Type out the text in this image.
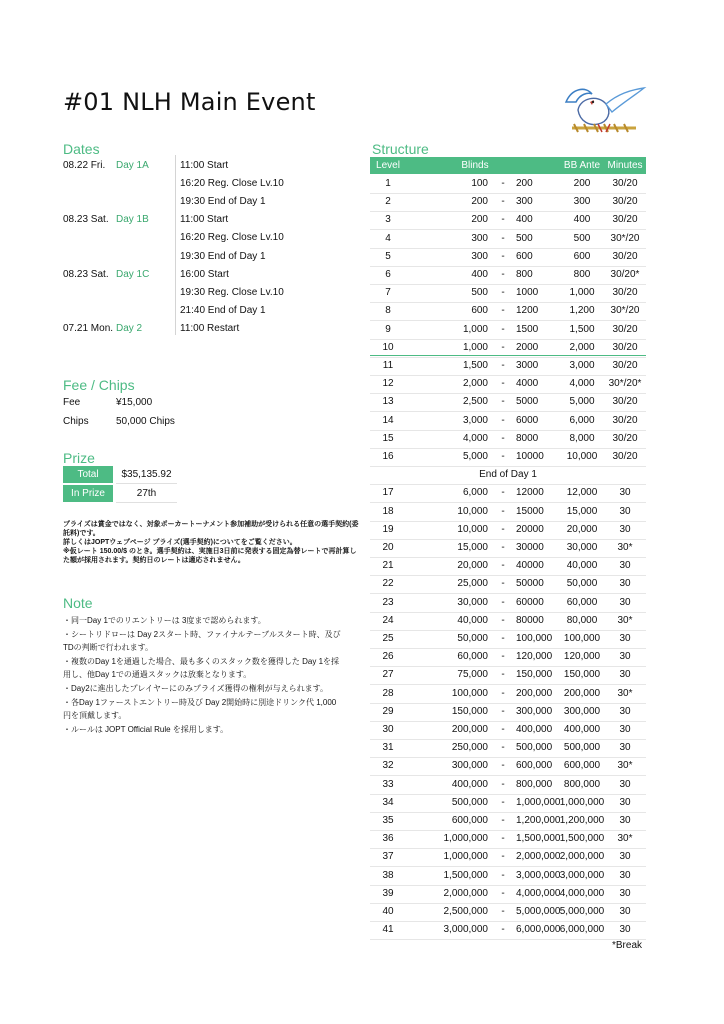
#01 NLH Main Event
Dates	Structure
Fee / Chips
Prize
Note
08.22 Fri. Day 1A	11:00 Start
16:20 Reg. Close Lv.10
19:30 End of Day 1
08.23 Sat. Day 1B	11:00 Start
16:20 Reg. Close Lv.10
19:30 End of Day 1
08.23 Sat. Day 1C	16:00 Start
19:30 Reg. Close Lv.10
21:40 End of Day 1
07.21 Mon. Day 2	11:00 Restart
Fee	¥15,000
Chips	50,000 Chips
Total	$35,135.92
In Prize	27th
プライズは賞金ではなく、対象ポーカートーナメント参加補助が受けられる任意の選手契約(委託料)です。
詳しくはJOPTウェブページ プライズ(選手契約)についてをご覧ください。
※仮レート 150.00/$ のとき。選手契約は、実施日3日前に発表する固定為替レートで再計算した額が採用されます。契約日のレートは適応されません。
・同一Day 1でのリエントリーは 3度まで認められます。
・シートリドローは Day 2スタート時、ファイナルテーブルスタート時、及び
TDの判断で行われます。
・複数のDay 1を通過した場合、最も多くのスタック数を獲得した Day 1を採
用し、他Day 1での通過スタックは放棄となります。
・Day2に進出したプレイヤーにのみプライズ獲得の権利が与えられます。
・各Day 1ファーストエントリー時及び Day 2開始時に別途ドリンク代 1,000
円を頂戴します。
・ルールは JOPT Official Rule を採用します。
Level	Blinds	BB Ante Minutes
1	100	-	200	200	30/20
2	200	-	300	300	30/20
3	200	-	400	400	30/20
4	300	-	500	500	30*/20
5	300	-	600	600	30/20
6	400	-	800	800	30/20*
7	500	-	1000	1,000	30/20
8	600	-	1200	1,200	30*/20
9	1,000	-	1500	1,500	30/20
10	1,000	-	2000	2,000	30/20
11	1,500	-	3000	3,000	30/20
12	2,000	-	4000	4,000	30*/20*
13	2,500	-	5000	5,000	30/20
14	3,000	-	6000	6,000	30/20
15	4,000	-	8000	8,000	30/20
16	5,000	-	10000	10,000	30/20
End of Day 1
17	6,000	-	12000	12,000	30
18	10,000	-	15000	15,000	30
19	10,000	-	20000	20,000	30
20	15,000	-	30000	30,000	30*
21	20,000	-	40000	40,000	30
22	25,000	-	50000	50,000	30
23	30,000	-	60000	60,000	30
24	40,000	-	80000	80,000	30*
25	50,000	-	100,000	100,000	30
26	60,000	-	120,000	120,000	30
27	75,000	-	150,000	150,000	30
28	100,000	-	200,000	200,000	30*
29	150,000	-	300,000	300,000	30
30	200,000	-	400,000	400,000	30
31	250,000	-	500,000	500,000	30
32	300,000	-	600,000	600,000	30*
33	400,000	-	800,000	800,000	30
34	500,000	-	1,000,000 1,000,000	30
35	600,000	-	1,200,000 1,200,000	30
36	1,000,000	-	1,500,000 1,500,000	30*
37	1,000,000	-	2,000,000 2,000,000	30
38	1,500,000	-	3,000,000 3,000,000	30
39	2,000,000	-	4,000,000 4,000,000	30
40	2,500,000	-	5,000,000 5,000,000	30
41	3,000,000	-	6,000,000 6,000,000	30
*Break
